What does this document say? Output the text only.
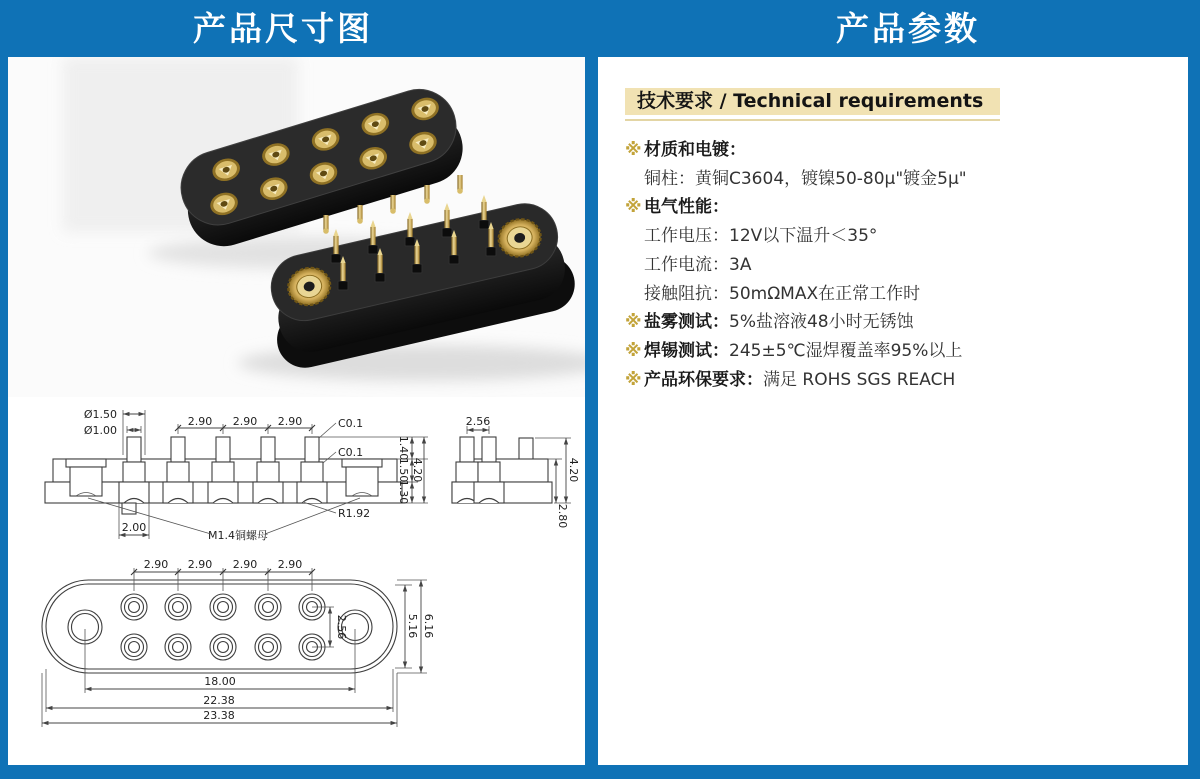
产品尺寸图	产品参数
Ø1.50
Ø1.00
2.90 2.90 2.90	C0.1
C0.1	1.40
1.50
1.30
4.20
2.00
R1.92
M1.4铜螺母
2.56
4.20
2.80
2.90 2.90 2.90 2.90
2.56	5.16 6.16
18.00
22.38
23.38
技术要求 / Technical requirements
※ 材质和电镀：
铜柱：黄铜C3604，镀镍50-80μ"镀金5μ"
※ 电气性能：
工作电压：12V以下温升＜35°
工作电流：3A
接触阻抗：50mΩMAX在正常工作时
※ 盐雾测试：5%盐溶液48小时无锈蚀
※ 焊锡测试：245±5℃湿焊覆盖率95%以上
※ 产品环保要求：满足 ROHS SGS REACH
